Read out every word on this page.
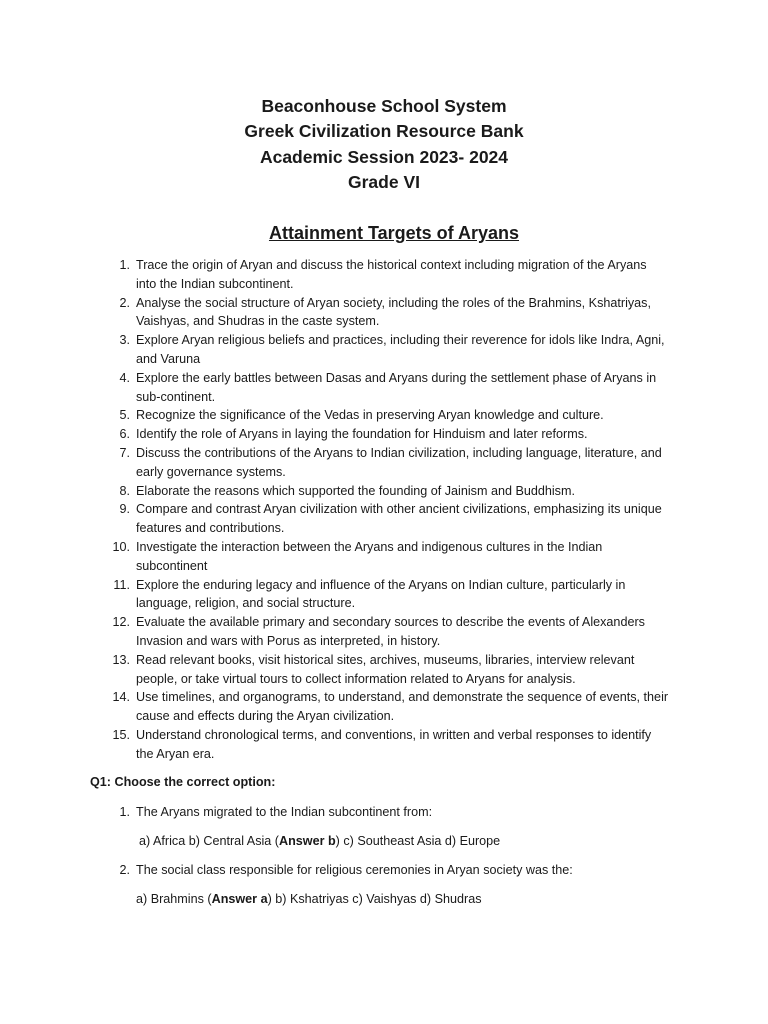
Beaconhouse School System
Greek Civilization Resource Bank
Academic Session 2023- 2024
Grade VI
Attainment Targets of Aryans
1. Trace the origin of Aryan and discuss the historical context including migration of the Aryans
into the Indian subcontinent.
2. Analyse the social structure of Aryan society, including the roles of the Brahmins, Kshatriyas,
Vaishyas, and Shudras in the caste system.
3. Explore Aryan religious beliefs and practices, including their reverence for idols like Indra, Agni,
and Varuna
4. Explore the early battles between Dasas and Aryans during the settlement phase of Aryans in
sub-continent.
5. Recognize the significance of the Vedas in preserving Aryan knowledge and culture.
6. Identify the role of Aryans in laying the foundation for Hinduism and later reforms.
7. Discuss the contributions of the Aryans to Indian civilization, including language, literature, and
early governance systems.
8. Elaborate the reasons which supported the founding of Jainism and Buddhism.
9. Compare and contrast Aryan civilization with other ancient civilizations, emphasizing its unique
features and contributions.
10. Investigate the interaction between the Aryans and indigenous cultures in the Indian
subcontinent
11. Explore the enduring legacy and influence of the Aryans on Indian culture, particularly in
language, religion, and social structure.
12. Evaluate the available primary and secondary sources to describe the events of Alexanders
Invasion and wars with Porus as interpreted, in history.
13. Read relevant books, visit historical sites, archives, museums, libraries, interview relevant
people, or take virtual tours to collect information related to Aryans for analysis.
14. Use timelines, and organograms, to understand, and demonstrate the sequence of events, their
cause and effects during the Aryan civilization.
15. Understand chronological terms, and conventions, in written and verbal responses to identify
the Aryan era.
Q1: Choose the correct option:
1. The Aryans migrated to the Indian subcontinent from:
a) Africa b) Central Asia (Answer b) c) Southeast Asia d) Europe
2. The social class responsible for religious ceremonies in Aryan society was the:
a) Brahmins (Answer a) b) Kshatriyas c) Vaishyas d) Shudras
